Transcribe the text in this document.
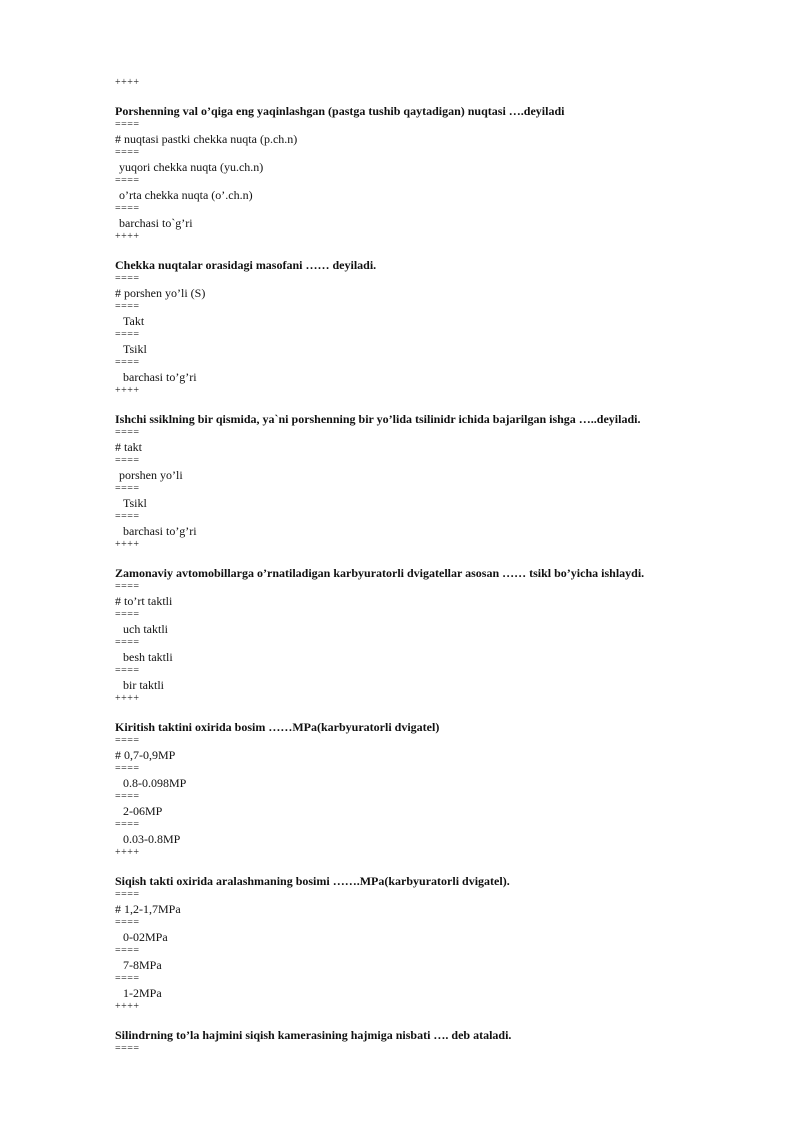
++++
Porshenning val o’qiga eng yaqinlashgan (pastga tushib qaytadigan) nuqtasi ….deyiladi
====
# nuqtasi pastki chekka nuqta (p.ch.n)
====
yuqori chekka nuqta (yu.ch.n)
====
o’rta chekka nuqta (o’.ch.n)
====
barchasi to`g’ri
++++
Chekka nuqtalar orasidagi masofani …… deyiladi.
====
# porshen yo’li (S)
====
Takt
====
Tsikl
====
barchasi to’g’ri
++++
Ishchi ssiklning bir qismida, ya`ni porshenning bir yo’lida tsilinidr ichida bajarilgan ishga …..deyiladi.
====
# takt
====
porshen yo’li
====
Tsikl
====
barchasi to’g’ri
++++
Zamonaviy avtomobillarga o’rnatiladigan karbyuratorli dvigatellar asosan …… tsikl bo’yicha ishlaydi.
====
# to’rt taktli
====
uch taktli
====
besh taktli
====
bir taktli
++++
Kiritish taktini oxirida bosim ……MPa(karbyuratorli dvigatel)
====
# 0,7-0,9MP
====
0.8-0.098MP
====
2-06MP
====
0.03-0.8MP
++++
Siqish takti oxirida aralashmaning bosimi …….MPa(karbyuratorli dvigatel).
====
# 1,2-1,7MPa
====
0-02MPa
====
7-8MPa
====
1-2MPa
++++
Silindrning to’la hajmini siqish kamerasining hajmiga nisbati …. deb ataladi.
====
